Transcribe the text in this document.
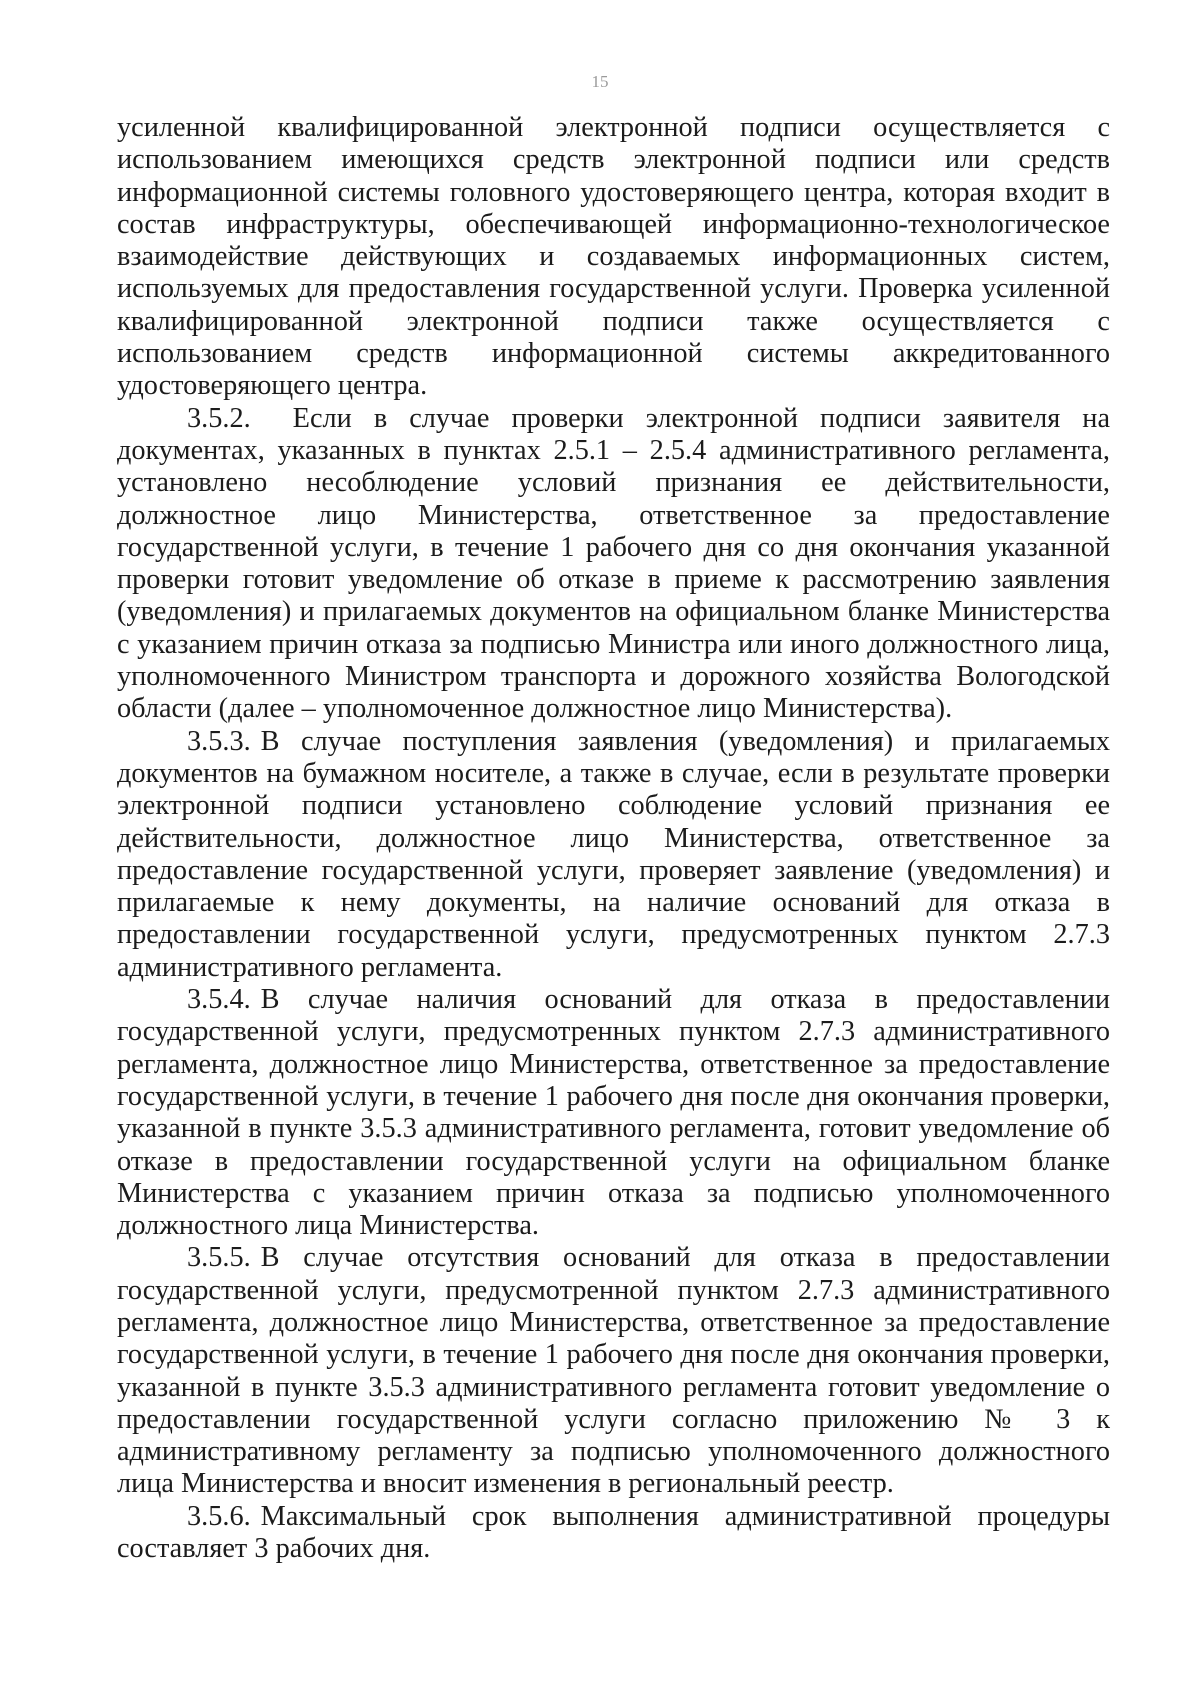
15

усиленной квалифицированной электронной подписи осуществляется с использованием имеющихся средств электронной подписи или средств информационной системы головного удостоверяющего центра, которая входит в состав инфраструктуры, обеспечивающей информационно-технологическое взаимодействие действующих и создаваемых информационных систем, используемых для предоставления государственной услуги. Проверка усиленной квалифицированной электронной подписи также осуществляется с использованием средств информационной системы аккредитованного удостоверяющего центра.

3.5.2. Если в случае проверки электронной подписи заявителя на документах, указанных в пунктах 2.5.1 – 2.5.4 административного регламента, установлено несоблюдение условий признания ее действительности, должностное лицо Министерства, ответственное за предоставление государственной услуги, в течение 1 рабочего дня со дня окончания указанной проверки готовит уведомление об отказе в приеме к рассмотрению заявления (уведомления) и прилагаемых документов на официальном бланке Министерства с указанием причин отказа за подписью Министра или иного должностного лица, уполномоченного Министром транспорта и дорожного хозяйства Вологодской области (далее – уполномоченное должностное лицо Министерства).

3.5.3. В случае поступления заявления (уведомления) и прилагаемых документов на бумажном носителе, а также в случае, если в результате проверки электронной подписи установлено соблюдение условий признания ее действительности, должностное лицо Министерства, ответственное за предоставление государственной услуги, проверяет заявление (уведомления) и прилагаемые к нему документы, на наличие оснований для отказа в предоставлении государственной услуги, предусмотренных пунктом 2.7.3 административного регламента.

3.5.4. В случае наличия оснований для отказа в предоставлении государственной услуги, предусмотренных пунктом 2.7.3 административного регламента, должностное лицо Министерства, ответственное за предоставление государственной услуги, в течение 1 рабочего дня после дня окончания проверки, указанной в пункте 3.5.3 административного регламента, готовит уведомление об отказе в предоставлении государственной услуги на официальном бланке Министерства с указанием причин отказа за подписью уполномоченного должностного лица Министерства.

3.5.5. В случае отсутствия оснований для отказа в предоставлении государственной услуги, предусмотренной пунктом 2.7.3 административного регламента, должностное лицо Министерства, ответственное за предоставление государственной услуги, в течение 1 рабочего дня после дня окончания проверки, указанной в пункте 3.5.3 административного регламента готовит уведомление о предоставлении государственной услуги согласно приложению № 3 к административному регламенту за подписью уполномоченного должностного лица Министерства и вносит изменения в региональный реестр.

3.5.6. Максимальный срок выполнения административной процедуры составляет 3 рабочих дня.
